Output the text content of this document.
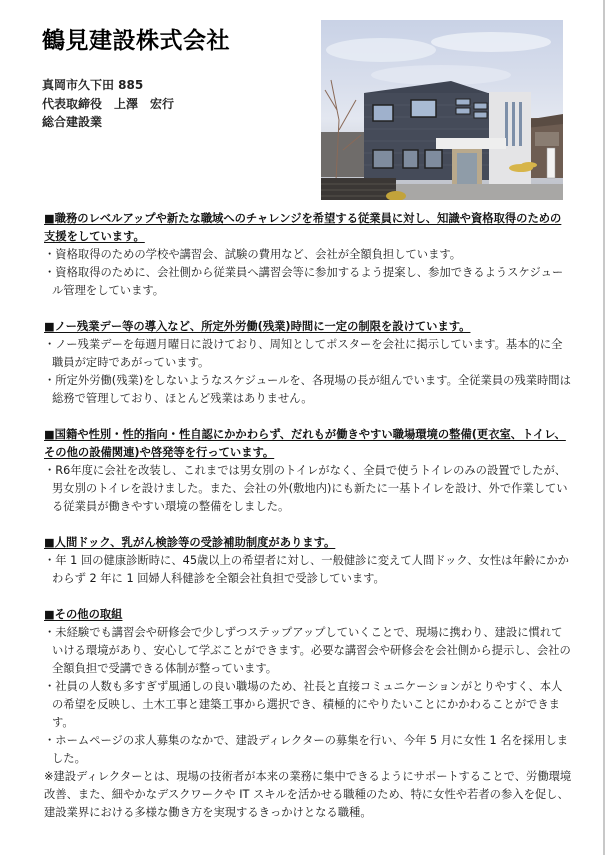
鶴見建設株式会社
真岡市久下田 885
代表取締役　上澤　宏行
総合建設業
■職務のレベルアップや新たな職域へのチャレンジを希望する従業員に対し、知識や資格取得のための支援をしています。
・資格取得のための学校や講習会、試験の費用など、会社が全額負担しています。
・資格取得のために、会社側から従業員へ講習会等に参加するよう提案し、参加できるようスケジュール管理をしています。
■ノー残業デー等の導入など、所定外労働(残業)時間に一定の制限を設けています。
・ノー残業デーを毎週月曜日に設けており、周知としてポスターを会社に掲示しています。基本的に全職員が定時であがっています。
・所定外労働(残業)をしないようなスケジュールを、各現場の長が組んでいます。全従業員の残業時間は総務で管理しており、ほとんど残業はありません。
■国籍や性別・性的指向・性自認にかかわらず、だれもが働きやすい職場環境の整備(更衣室、トイレ、その他の設備関連)や啓発等を行っています。
・R6年度に会社を改装し、これまでは男女別のトイレがなく、全員で使うトイレのみの設置でしたが、男女別のトイレを設けました。また、会社の外(敷地内)にも新たに一基トイレを設け、外で作業している従業員が働きやすい環境の整備をしました。
■人間ドック、乳がん検診等の受診補助制度があります。
・年 1 回の健康診断時に、45歳以上の希望者に対し、一般健診に変えて人間ドック、女性は年齢にかかわらず 2 年に 1 回婦人科健診を全額会社負担で受診しています。
■その他の取組
・未経験でも講習会や研修会で少しずつステップアップしていくことで、現場に携わり、建設に慣れていける環境があり、安心して学ぶことができます。必要な講習会や研修会を会社側から提示し、会社の全額負担で受講できる体制が整っています。
・社員の人数も多すぎず風通しの良い職場のため、社長と直接コミュニケーションがとりやすく、本人の希望を反映し、土木工事と建築工事から選択でき、積極的にやりたいことにかかわることができます。
・ホームページの求人募集のなかで、建設ディレクターの募集を行い、今年 5 月に女性 1 名を採用しました。
※建設ディレクターとは、現場の技術者が本来の業務に集中できるようにサポートすることで、労働環境改善、また、細やかなデスクワークや IT スキルを活かせる職種のため、特に女性や若者の参入を促し、建設業界における多様な働き方を実現するきっかけとなる職種。
